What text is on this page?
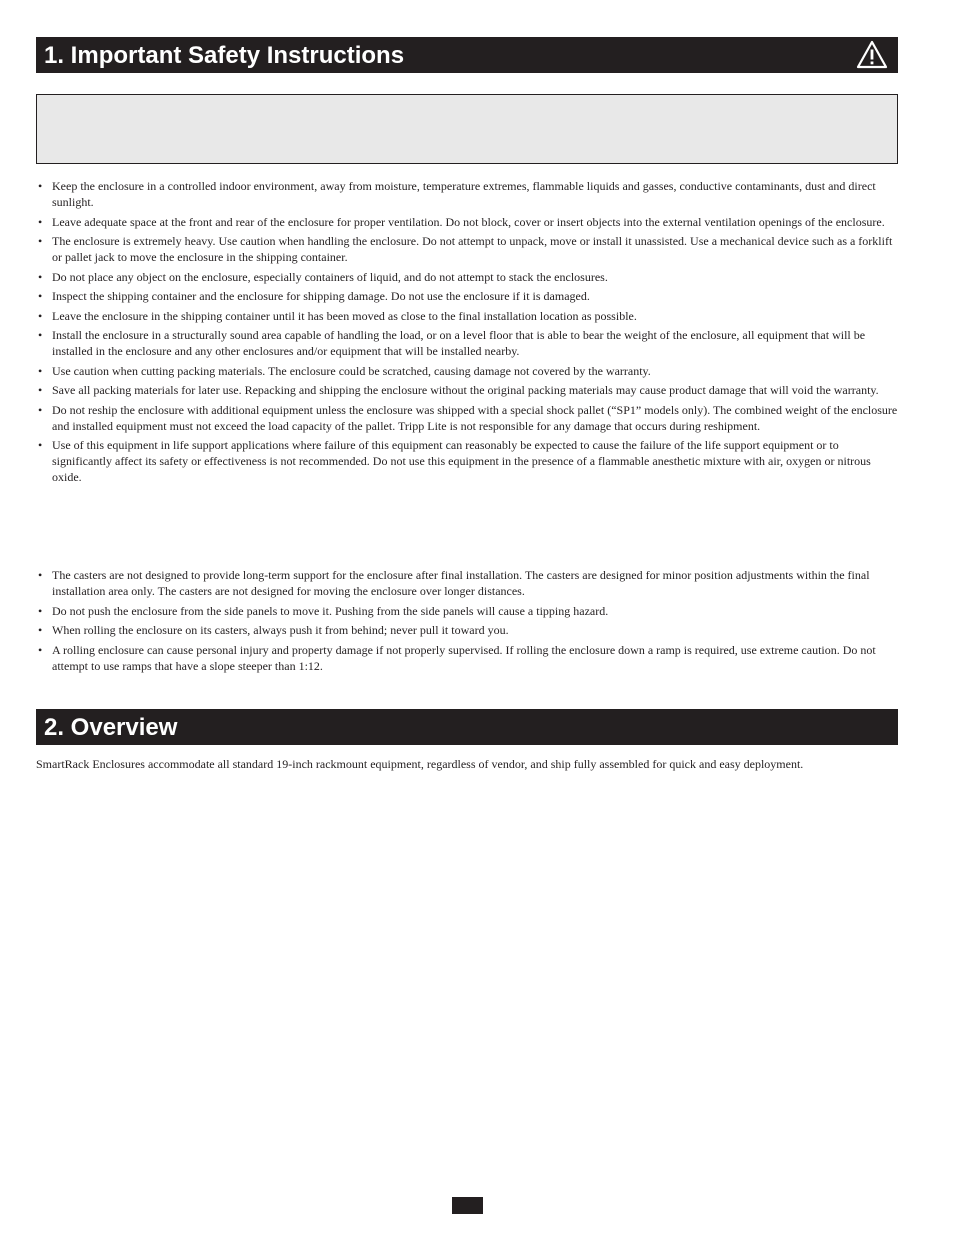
1. Important Safety Instructions
• Keep the enclosure in a controlled indoor environment, away from moisture, temperature extremes, flammable liquids and gasses, conductive contaminants, dust and direct sunlight.
• Leave adequate space at the front and rear of the enclosure for proper ventilation. Do not block, cover or insert objects into the external ventilation openings of the enclosure.
• The enclosure is extremely heavy. Use caution when handling the enclosure. Do not attempt to unpack, move or install it unassisted. Use a mechanical device such as a forklift or pallet jack to move the enclosure in the shipping container.
• Do not place any object on the enclosure, especially containers of liquid, and do not attempt to stack the enclosures.
• Inspect the shipping container and the enclosure for shipping damage. Do not use the enclosure if it is damaged.
• Leave the enclosure in the shipping container until it has been moved as close to the final installation location as possible.
• Install the enclosure in a structurally sound area capable of handling the load, or on a level floor that is able to bear the weight of the enclosure, all equipment that will be installed in the enclosure and any other enclosures and/or equipment that will be installed nearby.
• Use caution when cutting packing materials. The enclosure could be scratched, causing damage not covered by the warranty.
• Save all packing materials for later use. Repacking and shipping the enclosure without the original packing materials may cause product damage that will void the warranty.
• Do not reship the enclosure with additional equipment unless the enclosure was shipped with a special shock pallet (“SP1” models only). The combined weight of the enclosure and installed equipment must not exceed the load capacity of the pallet. Tripp Lite is not responsible for any damage that occurs during reshipment.
• Use of this equipment in life support applications where failure of this equipment can reasonably be expected to cause the failure of the life support equipment or to significantly affect its safety or effectiveness is not recommended. Do not use this equipment in the presence of a flammable anesthetic mixture with air, oxygen or nitrous oxide.
• The casters are not designed to provide long-term support for the enclosure after final installation. The casters are designed for minor position adjustments within the final installation area only. The casters are not designed for moving the enclosure over longer distances.
• Do not push the enclosure from the side panels to move it. Pushing from the side panels will cause a tipping hazard.
• When rolling the enclosure on its casters, always push it from behind; never pull it toward you.
• A rolling enclosure can cause personal injury and property damage if not properly supervised. If rolling the enclosure down a ramp is required, use extreme caution. Do not attempt to use ramps that have a slope steeper than 1:12.
2. Overview

SmartRack Enclosures accommodate all standard 19-inch rackmount equipment, regardless of vendor, and ship fully assembled for quick and easy deployment.
